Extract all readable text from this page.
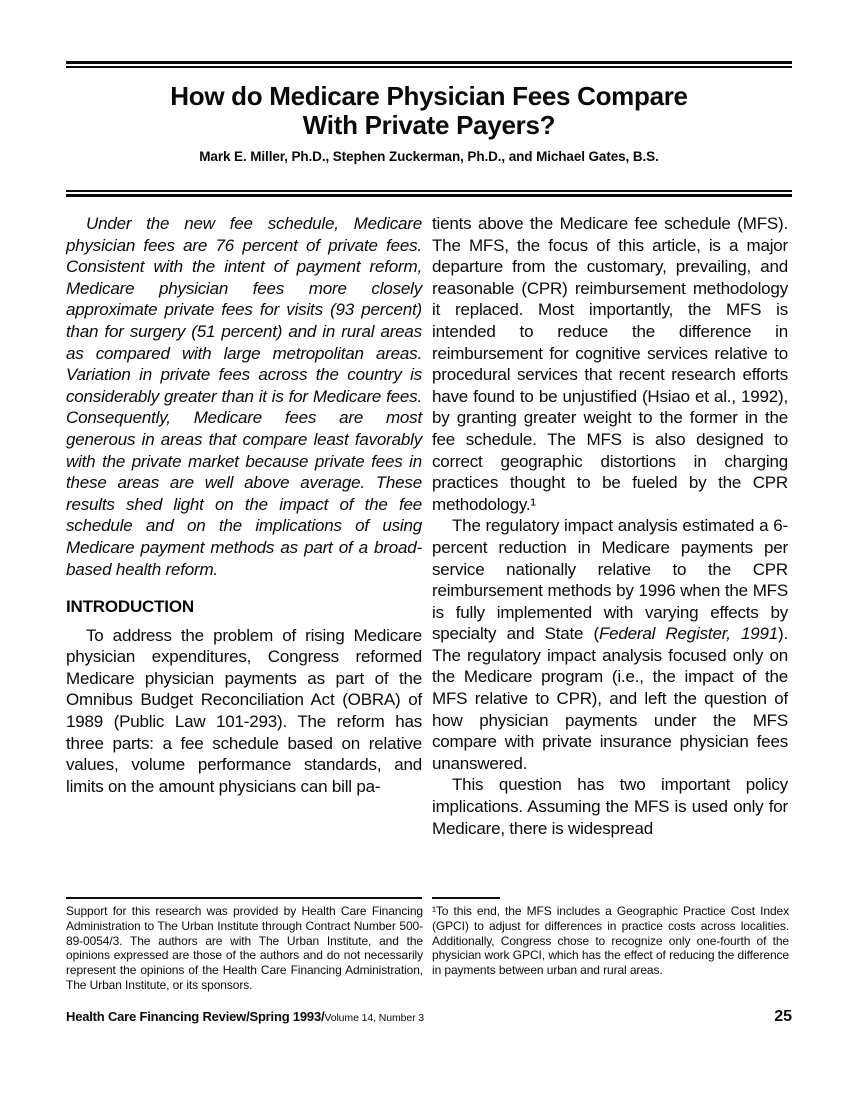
How do Medicare Physician Fees Compare
With Private Payers?
Mark E. Miller, Ph.D., Stephen Zuckerman, Ph.D., and Michael Gates, B.S.

Under the new fee schedule, Medicare physician fees are 76 percent of private fees. Consistent with the intent of payment reform, Medicare physician fees more closely approximate private fees for visits (93 percent) than for surgery (51 percent) and in rural areas as compared with large metropolitan areas. Variation in private fees across the country is considerably greater than it is for Medicare fees. Consequently, Medicare fees are most generous in areas that compare least favorably with the private market because private fees in these areas are well above average. These results shed light on the impact of the fee schedule and on the implications of using Medicare payment methods as part of a broad-based health reform.

INTRODUCTION

To address the problem of rising Medicare physician expenditures, Congress reformed Medicare physician payments as part of the Omnibus Budget Reconciliation Act (OBRA) of 1989 (Public Law 101-293). The reform has three parts: a fee schedule based on relative values, volume performance standards, and limits on the amount physicians can bill pa-

tients above the Medicare fee schedule (MFS). The MFS, the focus of this article, is a major departure from the customary, prevailing, and reasonable (CPR) reimbursement methodology it replaced. Most importantly, the MFS is intended to reduce the difference in reimbursement for cognitive services relative to procedural services that recent research efforts have found to be unjustified (Hsiao et al., 1992), by granting greater weight to the former in the fee schedule. The MFS is also designed to correct geographic distortions in charging practices thought to be fueled by the CPR methodology.¹

The regulatory impact analysis estimated a 6-percent reduction in Medicare payments per service nationally relative to the CPR reimbursement methods by 1996 when the MFS is fully implemented with varying effects by specialty and State (Federal Register, 1991). The regulatory impact analysis focused only on the Medicare program (i.e., the impact of the MFS relative to CPR), and left the question of how physician payments under the MFS compare with private insurance physician fees unanswered.

This question has two important policy implications. Assuming the MFS is used only for Medicare, there is widespread

Support for this research was provided by Health Care Financing Administration to The Urban Institute through Contract Number 500-89-0054/3. The authors are with The Urban Institute, and the opinions expressed are those of the authors and do not necessarily represent the opinions of the Health Care Financing Administration, The Urban Institute, or its sponsors.

¹To this end, the MFS includes a Geographic Practice Cost Index (GPCI) to adjust for differences in practice costs across localities. Additionally, Congress chose to recognize only one-fourth of the physician work GPCI, which has the effect of reducing the difference in payments between urban and rural areas.

Health Care Financing Review/Spring 1993/Volume 14, Number 3	25
